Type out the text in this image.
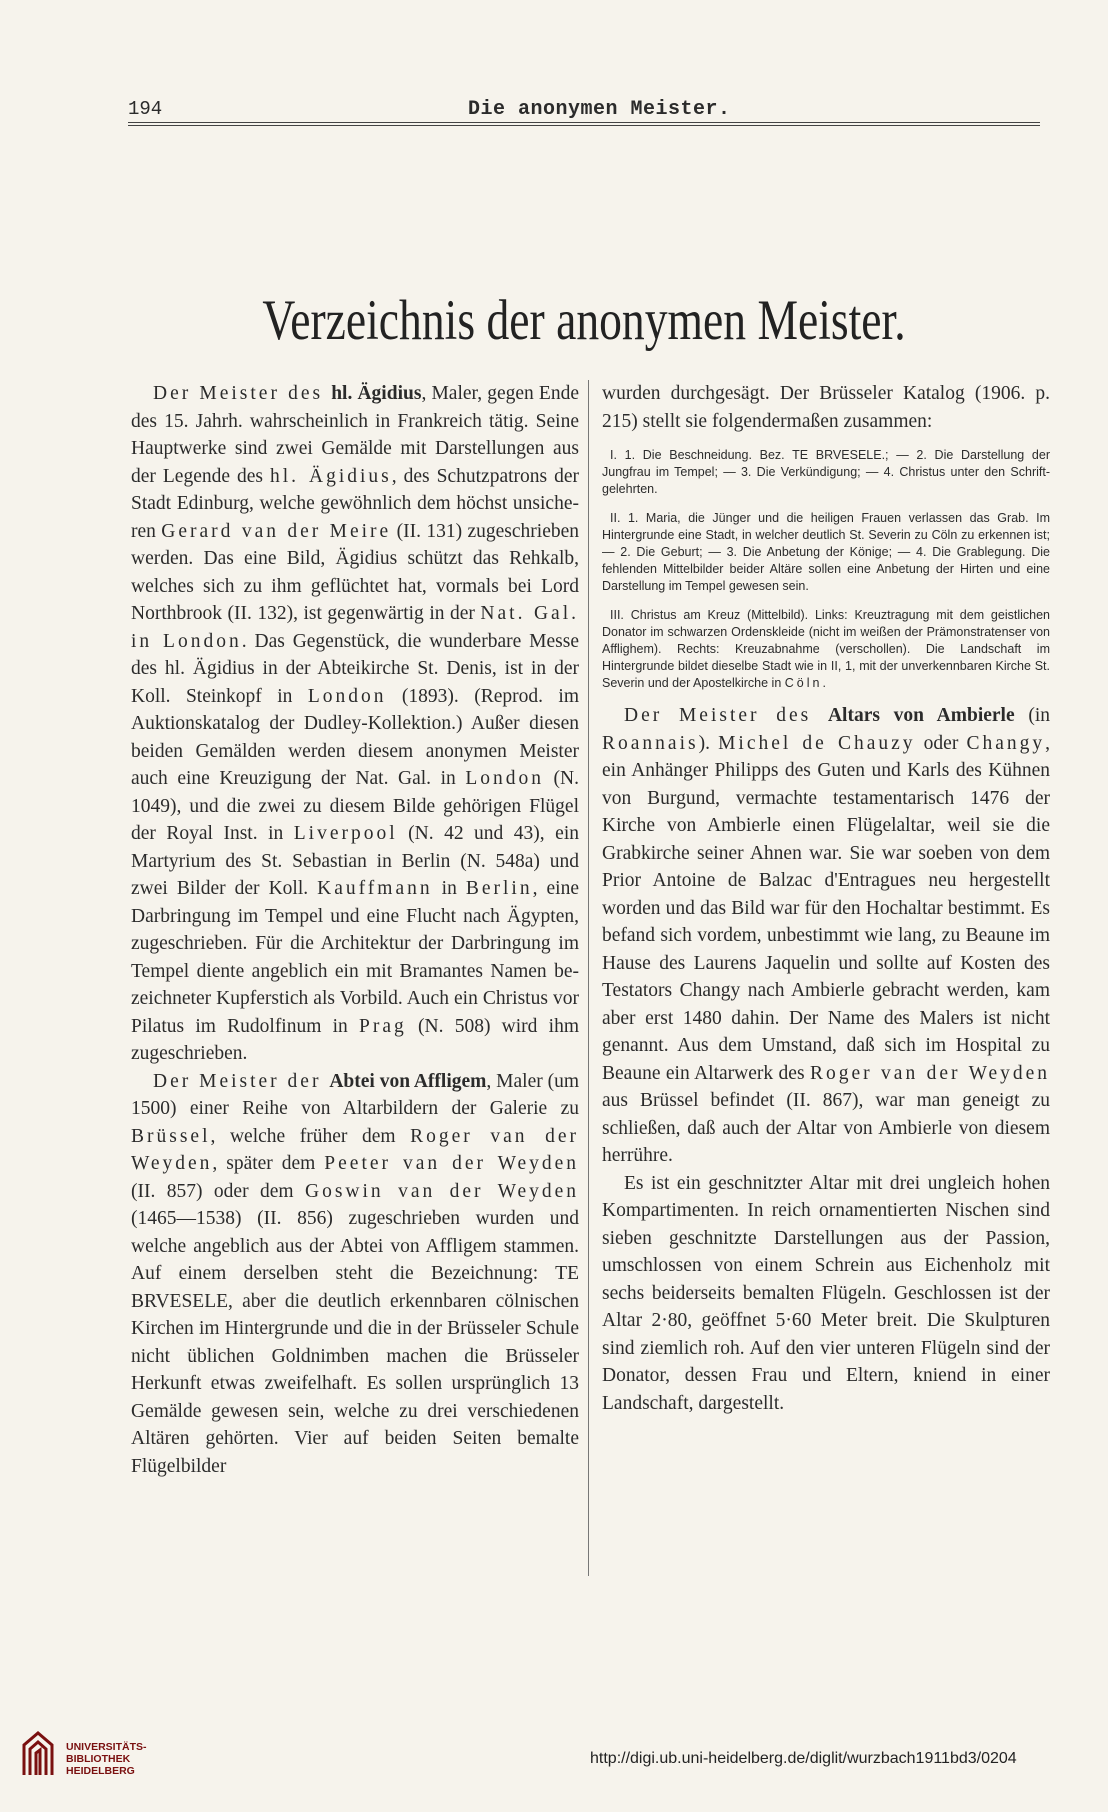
194	Die anonymen Meister.
Verzeichnis der anonymen Meister.

Der Meister des hl. Ägidius, Maler, gegen Ende des 15. Jahrh. wahrscheinlich in Frankreich tätig. Seine Hauptwerke sind zwei Gemälde mit Darstellungen aus der Legende des hl. Ägidius, des Schutzpatrons der Stadt Edinburg, welche gewöhnlich dem höchst unsicheren Gerard van der Meire (II. 131) zugeschrieben werden. Das eine Bild, Ägidius schützt das Rehkalb, welches sich zu ihm geflüchtet hat, vormals bei Lord Northbrook (II. 132), ist gegenwärtig in der Nat. Gal. in London. Das Gegenstück, die wunderbare Messe des hl. Ägidius in der Abteikirche St. Denis, ist in der Koll. Steinkopf in London (1893). (Reprod. im Auktionskatalog der Dudley-Kollektion.) Außer diesen beiden Gemälden werden diesem anonymen Meister auch eine Kreuzigung der Nat. Gal. in London (N. 1049), und die zwei zu diesem Bilde gehörigen Flügel der Royal Inst. in Liverpool (N. 42 und 43), ein Martyrium des St. Sebastian in Berlin (N. 548a) und zwei Bilder der Koll. Kauffmann in Berlin, eine Darbringung im Tempel und eine Flucht nach Ägypten, zugeschrieben. Für die Architektur der Darbringung im Tempel diente angeblich ein mit Bramantes Namen bezeichneter Kupferstich als Vorbild. Auch ein Christus vor Pilatus im Rudolfinum in Prag (N. 508) wird ihm zugeschrieben.

Der Meister der Abtei von Affligem, Maler (um 1500) einer Reihe von Altarbildern der Galerie zu Brüssel, welche früher dem Roger van der Weyden, später dem Peeter van der Weyden (II. 857) oder dem Goswin van der Weyden (1465—1538) (II. 856) zugeschrieben wurden und welche angeblich aus der Abtei von Affligem stammen. Auf einem derselben steht die Bezeichnung: TE BRVESELE, aber die deutlich erkennbaren cölnischen Kirchen im Hintergrunde und die in der Brüsseler Schule nicht üblichen Goldnimben machen die Brüsseler Herkunft etwas zweifelhaft. Es sollen ursprünglich 13 Gemälde gewesen sein, welche zu drei verschiedenen Altären gehörten. Vier auf beiden Seiten bemalte Flügelbilder

wurden durchgesägt. Der Brüsseler Katalog (1906. p. 215) stellt sie folgendermaßen zusammen:

I. 1. Die Beschneidung. Bez. TE BRVESELE.; — 2. Die Darstellung der Jungfrau im Tempel; — 3. Die Verkündigung; — 4. Christus unter den Schriftgelehrten.

II. 1. Maria, die Jünger und die heiligen Frauen verlassen das Grab. Im Hintergrunde eine Stadt, in welcher deutlich St. Severin zu Cöln zu erkennen ist; — 2. Die Geburt; — 3. Die Anbetung der Könige; — 4. Die Grablegung. Die fehlenden Mittelbilder beider Altäre sollen eine Anbetung der Hirten und eine Darstellung im Tempel gewesen sein.

III. Christus am Kreuz (Mittelbild). Links: Kreuztragung mit dem geistlichen Donator im schwarzen Ordenskleide (nicht im weißen der Prämonstratenser von Afflighem). Rechts: Kreuzabnahme (verschollen). Die Landschaft im Hintergrunde bildet dieselbe Stadt wie in II, 1, mit der unverkennbaren Kirche St. Severin und der Apostelkirche in Cöln.

Der Meister des Altars von Ambierle (in Roannais). Michel de Chauzy oder Changy, ein Anhänger Philipps des Guten und Karls des Kühnen von Burgund, vermachte testamentarisch 1476 der Kirche von Ambierle einen Flügelaltar, weil sie die Grabkirche seiner Ahnen war. Sie war soeben von dem Prior Antoine de Balzac d'Entragues neu hergestellt worden und das Bild war für den Hochaltar bestimmt. Es befand sich vordem, unbestimmt wie lang, zu Beaune im Hause des Laurens Jaquelin und sollte auf Kosten des Testators Changy nach Ambierle gebracht werden, kam aber erst 1480 dahin. Der Name des Malers ist nicht genannt. Aus dem Umstand, daß sich im Hospital zu Beaune ein Altarwerk des Roger van der Weyden aus Brüssel befindet (II. 867), war man geneigt zu schließen, daß auch der Altar von Ambierle von diesem herrühre.

Es ist ein geschnitzter Altar mit drei ungleich hohen Kompartimenten. In reich ornamentierten Nischen sind sieben geschnitzte Darstellungen aus der Passion, umschlossen von einem Schrein aus Eichenholz mit sechs beiderseits bemalten Flügeln. Geschlossen ist der Altar 2·80, geöffnet 5·60 Meter breit. Die Skulpturen sind ziemlich roh. Auf den vier unteren Flügeln sind der Donator, dessen Frau und Eltern, kniend in einer Landschaft, dargestellt.

UNIVERSITÄTS-
BIBLIOTHEK
HEIDELBERG
http://digi.ub.uni-heidelberg.de/diglit/wurzbach1911bd3/0204
